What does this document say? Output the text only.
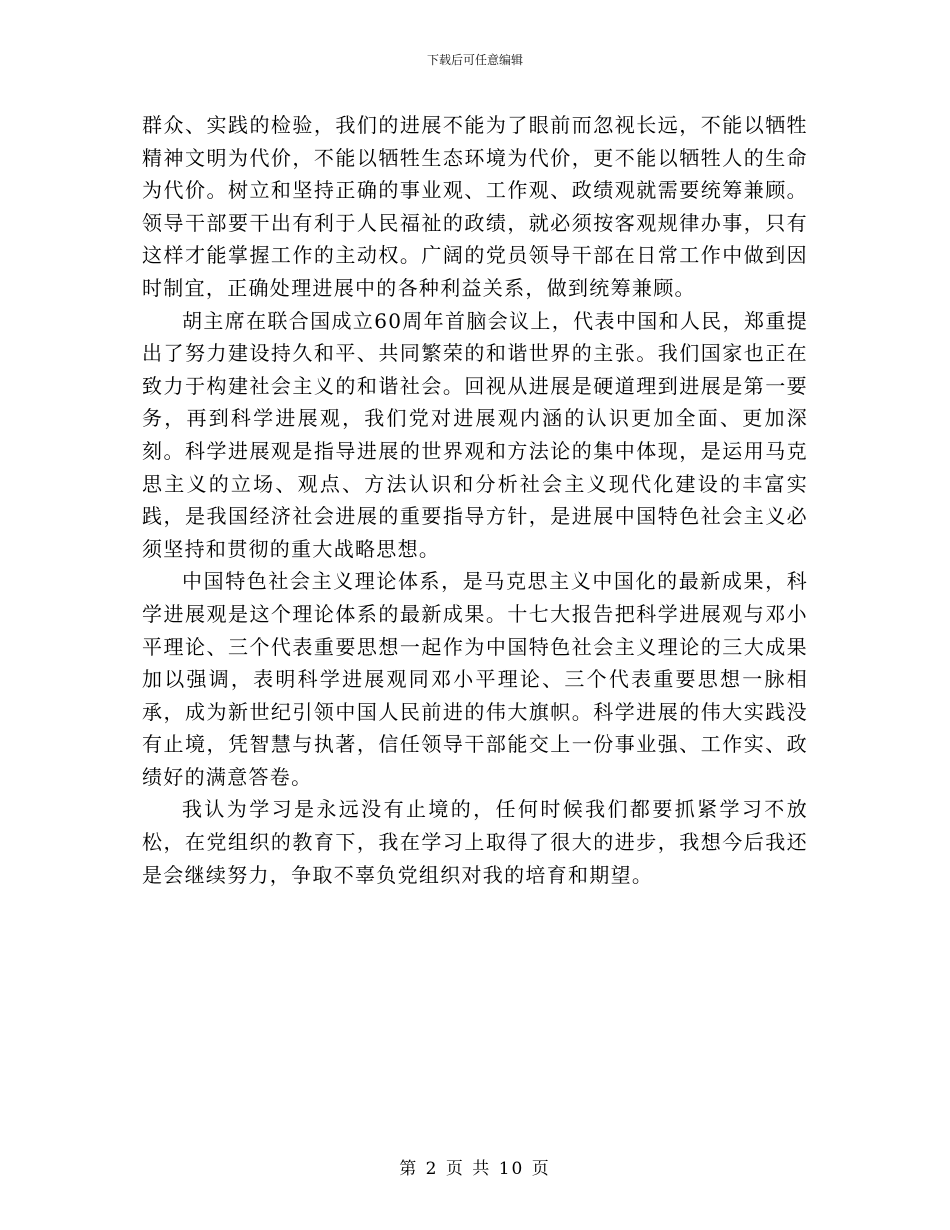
下载后可任意编辑

群众、实践的检验，我们的进展不能为了眼前而忽视长远，不能以牺牲精神文明为代价，不能以牺牲生态环境为代价，更不能以牺牲人的生命为代价。树立和坚持正确的事业观、工作观、政绩观就需要统筹兼顾。领导干部要干出有利于人民福祉的政绩，就必须按客观规律办事，只有这样才能掌握工作的主动权。广阔的党员领导干部在日常工作中做到因时制宜，正确处理进展中的各种利益关系，做到统筹兼顾。

胡主席在联合国成立60周年首脑会议上，代表中国和人民，郑重提出了努力建设持久和平、共同繁荣的和谐世界的主张。我们国家也正在致力于构建社会主义的和谐社会。回视从进展是硬道理到进展是第一要务，再到科学进展观，我们党对进展观内涵的认识更加全面、更加深刻。科学进展观是指导进展的世界观和方法论的集中体现，是运用马克思主义的立场、观点、方法认识和分析社会主义现代化建设的丰富实践，是我国经济社会进展的重要指导方针，是进展中国特色社会主义必须坚持和贯彻的重大战略思想。

中国特色社会主义理论体系，是马克思主义中国化的最新成果，科学进展观是这个理论体系的最新成果。十七大报告把科学进展观与邓小平理论、三个代表重要思想一起作为中国特色社会主义理论的三大成果加以强调，表明科学进展观同邓小平理论、三个代表重要思想一脉相承，成为新世纪引领中国人民前进的伟大旗帜。科学进展的伟大实践没有止境，凭智慧与执著，信任领导干部能交上一份事业强、工作实、政绩好的满意答卷。

我认为学习是永远没有止境的，任何时候我们都要抓紧学习不放松，在党组织的教育下，我在学习上取得了很大的进步，我想今后我还是会继续努力，争取不辜负党组织对我的培育和期望。

第 2 页 共 10 页
